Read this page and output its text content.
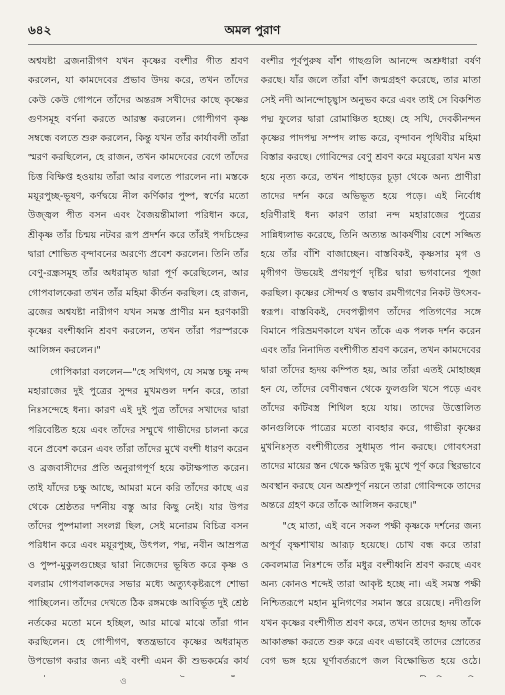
৬৪২	অমল পুরাণ

অশ্বযষ্টা ব্রজনারীগণ যখন কৃষ্ণের বংশীর গীত শ্রবণ করলেন, যা কামদেবের প্রভাব উদয় করে, তখন তাঁদের কেউ কেউ গোপনে তাঁদের অন্তরঙ্গ সখীদের কাছে কৃষ্ণের গুণসমূহ বর্ণনা করতে আরম্ভ করলেন। গোপীগণ কৃষ্ণ সম্বন্ধে বলতে শুরু করলেন, কিন্তু যখন তাঁর কার্যাবলী তাঁরা স্মরণ করছিলেন, হে রাজন, তখন কামদেবের বেগে তাঁদের চিত্ত বিক্ষিপ্ত হওয়ায় তাঁরা আর বলতে পারলেন না। মস্তকে ময়ূরপুচ্ছ-ভূষণ, কর্ণদ্বয়ে নীল কর্ণিকার পুষ্প, স্বর্ণের মতো উজ্জ্বল পীত বসন এবং বৈজয়ন্তীমালা পরিধান করে, শ্রীকৃষ্ণ তাঁর চিন্ময় নটবর রূপ প্রদর্শন করে তাঁরই পদচিহ্নের দ্বারা শোভিত বৃন্দাবনের অরণ্যে প্রবেশ করলেন। তিনি তাঁর বেণু-রন্ধ্রসমূহ তাঁর অধরামৃত দ্বারা পূর্ণ করেছিলেন, আর গোপবালকেরা তখন তাঁর মহিমা কীর্তন করছিল। হে রাজন, ব্রজের অশ্বযষ্টা নারীগণ যখন সমস্ত প্রাণীর মন হরণকারী কৃষ্ণের বংশীধ্বনি শ্রবণ করলেন, তখন তাঁরা পরস্পরকে আলিঙ্গন করলেন।"

গোপিকারা বললেন—"হে সখিগণ, যে সমস্ত চক্ষু নন্দ মহারাজের দুই পুত্রের সুন্দর মুখমণ্ডল দর্শন করে, তারা নিঃসন্দেহে ধন্য। কারণ এই দুই পুত্র তাঁদের সখাদের দ্বারা পরিবেষ্টিত হয়ে এবং তাঁদের সম্মুখে গাভীদের চালনা করে বনে প্রবেশ করেন এবং তাঁরা তাঁদের মুখে বংশী ধারণ করেন ও ব্রজবাসীদের প্রতি অনুরাগপূর্ণ হয়ে কটাক্ষপাত করেন। তাই যাঁদের চক্ষু আছে, আমরা মনে করি তাঁদের কাছে এর থেকে শ্রেষ্ঠতর দর্শনীয় বস্তু আর কিছু নেই। যার উপর তাঁদের পুষ্পমালা সংলগ্ন ছিল, সেই মনোরম বিচিত্র বসন পরিধান করে এবং ময়ূরপুচ্ছ, উৎপল, পদ্ম, নবীন আম্রপত্র ও পুষ্প-মুকুলগুচ্ছের দ্বারা নিজেদের ভূষিত করে কৃষ্ণ ও বলরাম গোপবালকদের সভার মধ্যে অত্যুৎকৃষ্টরূপে শোভা পাচ্ছিলেন। তাঁদের দেখতে ঠিক রঙ্গমঞ্চে আবির্ভূত দুই শ্রেষ্ঠ নর্তকের মতো মনে হচ্ছিল, আর মাঝে মাঝে তাঁরা গান করছিলেন। হে গোপীগণ, স্বতন্ত্রভাবে কৃষ্ণের অধরামৃত উপভোগ করার জন্য এই বংশী এমন কী শুভকর্মের কার্য

বংশীর পূর্বপুরুষ বাঁশ গাছগুলি আনন্দে অশ্রুধারা বর্ষণ করছে। যাঁর জলে তাঁরা বাঁশ জন্মগ্রহণ করেছে, তার মাতা সেই নদী আনন্দোচ্ছ্বাস অনুভব করে এবং তাই সে বিকশিত পদ্ম ফুলের দ্বারা রোমাঞ্চিত হচ্ছে। হে সখি, দেবকীনন্দন কৃষ্ণের পাদপদ্ম সম্পদ লাভ করে, বৃন্দাবন পৃথিবীর মহিমা বিস্তার করছে। গোবিন্দের বেণু শ্রবণ করে ময়ূরেরা যখন মত্ত হয়ে নৃত্য করে, তখন পাহাড়ের চূড়া থেকে অন্য প্রাণীরা তাদের দর্শন করে অভিভূত হয়ে পড়ে। এই নির্বোধ হরিণীরাই ধন্য কারণ তারা নন্দ মহারাজের পুত্রের সান্নিধ্যলাভ করেছে, তিনি অত্যন্ত আকর্ষণীয় বেশে সজ্জিত হয়ে তাঁর বাঁশি বাজাচ্ছেন। বাস্তবিকই, কৃষ্ণসার মৃগ ও মৃগীগণ উভয়েই প্রণয়পূর্ণ দৃষ্টির দ্বারা ভগবানের পূজা করছিল। কৃষ্ণের সৌন্দর্য ও স্বভাব রমণীগণের নিকট উৎসব-স্বরূপ। বাস্তবিকই, দেবপত্নীগণ তাঁদের পতিগণের সঙ্গে বিমানে পরিভ্রমণকালে যখন তাঁকে এক পলক দর্শন করেন এবং তাঁর নিনাদিত বংশীগীত শ্রবণ করেন, তখন কামদেবের দ্বারা তাঁদের হৃদয় কম্পিত হয়, আর তাঁরা এতই মোহাচ্ছন্ন হন যে, তাঁদের বেণীবন্ধন থেকে ফুলগুলি খসে পড়ে এবং তাঁদের কটিবস্ত্র শিথিল হয়ে যায়। তাদের উত্তোলিত কানগুলিকে পাত্রের মতো ব্যবহার করে, গাভীরা কৃষ্ণের মুখনিঃসৃত বংশীগীতের সুধামৃত পান করছে। গোবৎসরা তাদের মায়ের স্তন থেকে ক্ষরিত দুগ্ধ মুখে পূর্ণ করে স্থিরভাবে অবস্থান করছে যেন অশ্রুপূর্ণ নয়নে তারা গোবিন্দকে তাদের অন্তরে গ্রহণ করে তাঁকে আলিঙ্গন করছে।"

"হে মাতা, এই বনে সকল পক্ষী কৃষ্ণকে দর্শনের জন্য অপূর্ব বৃক্ষশাখায় আরূঢ় হয়েছে। চোখ বন্ধ করে তারা কেবলমাত্র নিঃশব্দে তাঁর মধুর বংশীধ্বনি শ্রবণ করছে এবং অন্য কোনও শব্দেই তারা আকৃষ্ট হচ্ছে না। এই সমস্ত পক্ষী নিশ্চিতরূপে মহান মুনিগণের সমান স্তরে রয়েছে। নদীগুলি যখন কৃষ্ণের বংশীগীত শ্রবণ করে, তখন তাদের হৃদয় তাঁকে আকাঙ্ক্ষা করতে শুরু করে এবং এভাবেই তাদের স্রোতের বেগ ভঙ্গ হয়ে ঘূর্ণাবর্তরূপে জল বিক্ষোভিত হয়ে ওঠে।

ও
